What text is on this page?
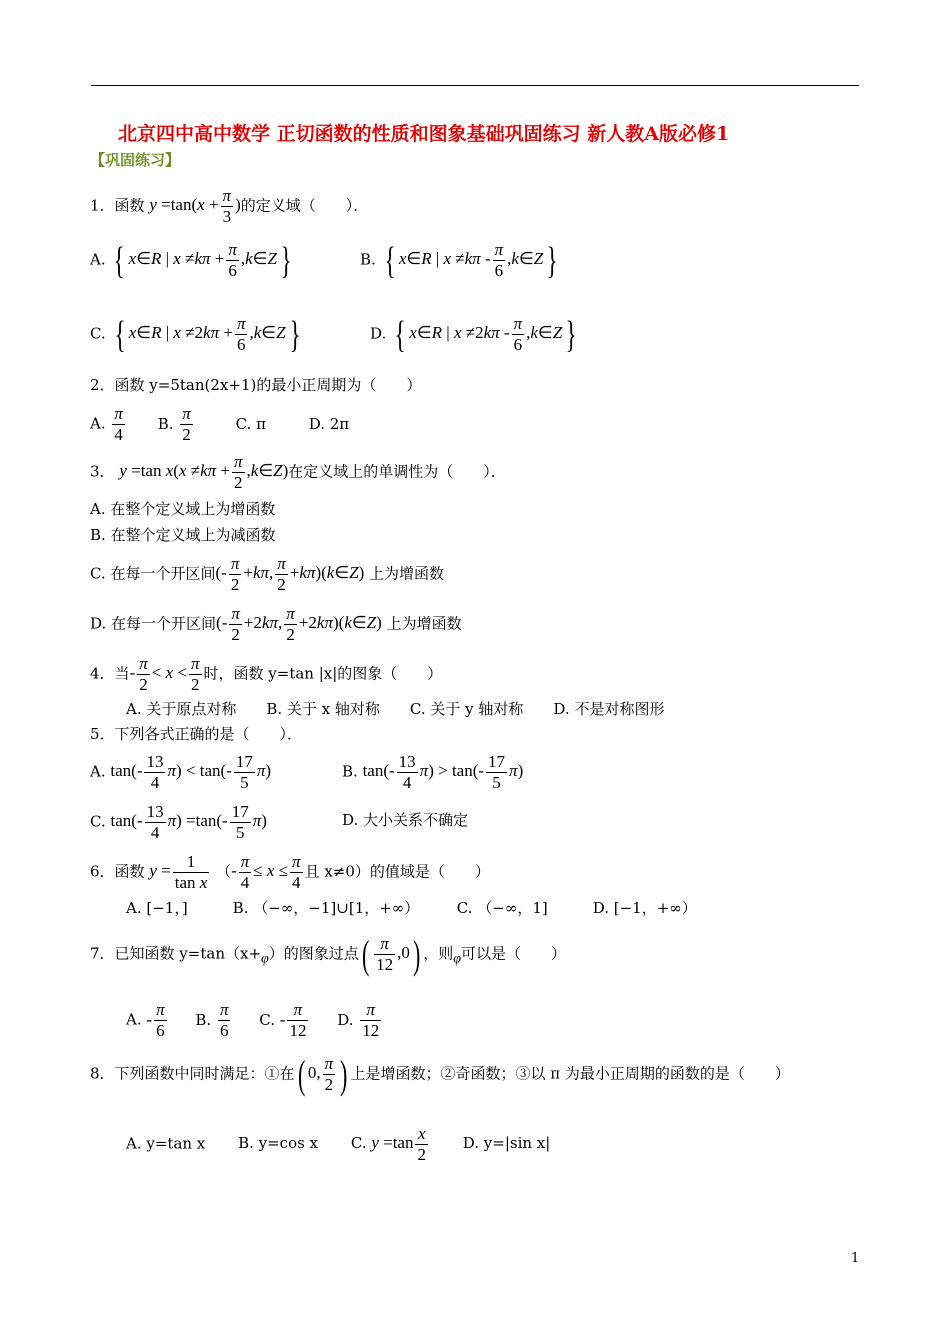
北京四中高中数学 正切函数的性质和图象基础巩固练习 新人教A版必修1
【巩固练习】
1．函数 $y =\tan(x + \frac{\pi}{3}$ )的定义域（　　）．
A. { x∈R | $x \ne k\pi + \frac{\pi}{6}$ ,k∈Z}	B. { x∈R | $x \ne k\pi - \frac{\pi}{6}$ ,k∈Z}
C. { x∈R | $x \ne 2k\pi + \frac{\pi}{6}$ ,k∈Z}	D. { x∈R | $x \ne 2k\pi - \frac{\pi}{6}$ ,k∈Z}
2．函数 y=5tan(2x+1)的最小正周期为（　　）
A. $\frac{\pi}{4} B$. $\frac{\pi}{2}$	C. π	D. 2π
3． y =tan $x(x \ne k\pi + \frac{\pi}{2}$ ,k∈Z)在定义域上的单调性为（　　）．
A. 在整个定义域上为增函数
B. 在整个定义域上为减函数
C. 在每一个开区间(- $\frac{\pi}{2} +k\pi$, $\frac{\pi}{2}$ +kπ)(k∈Z) 上为增函数
D. 在每一个开区间(- $\frac{\pi}{2} +2k\pi$, $\frac{\pi}{2}$ +2kπ)(k∈Z) 上为增函数
4．当- $\frac{\pi}{2} < x < \frac{\pi}{2}$ 时，函数 y=tan |x|的图象（　　）
A. 关于原点对称　　B. 关于 x 轴对称　　C. 关于 y 轴对称　　D. 不是对称图形
5．下列各式正确的是（　　）．
A. $\tan(- \frac{13}{4} \pi) < \tan(- \frac{17}{5} \pi)$	B. $\tan(- \frac{13}{4} \pi) > \tan(- \frac{17}{5} \pi)$
C. $\tan(- \frac{13}{4} \pi) =\tan(- \frac{17}{5} \pi)$	D. 大小关系不确定
6．函数 $y = \frac{1}{\text{tan x}}$ （- $\frac{\pi}{4} \le x \le \frac{\pi}{4}$ 且 x≠0）的值域是（　　）
A. [−1，]　　　B. （−∞，−1]∪[1，+∞）　　　C. （−∞，1]　　　D. [−1，+∞）
7．已知函数 y=tan（x+φ）的图象过点( $\frac{\pi}{12} ,0$) ，则φ可以是（　　）
A. - $\frac{\pi}{6} B$. $\frac{\pi}{6} C$. - $\frac{\pi}{12} D$. $\frac{\pi}{12}$
8．下列函数中同时满足：①在( 0, $\frac{\pi}{2}$ ) 上是增函数；②奇函数；③以 π 为最小正周期的函数的是（　　）
A. y=tan x B. y=cos x C. $y =\tan \frac{x}{2} D$. y=|sin x|
1
